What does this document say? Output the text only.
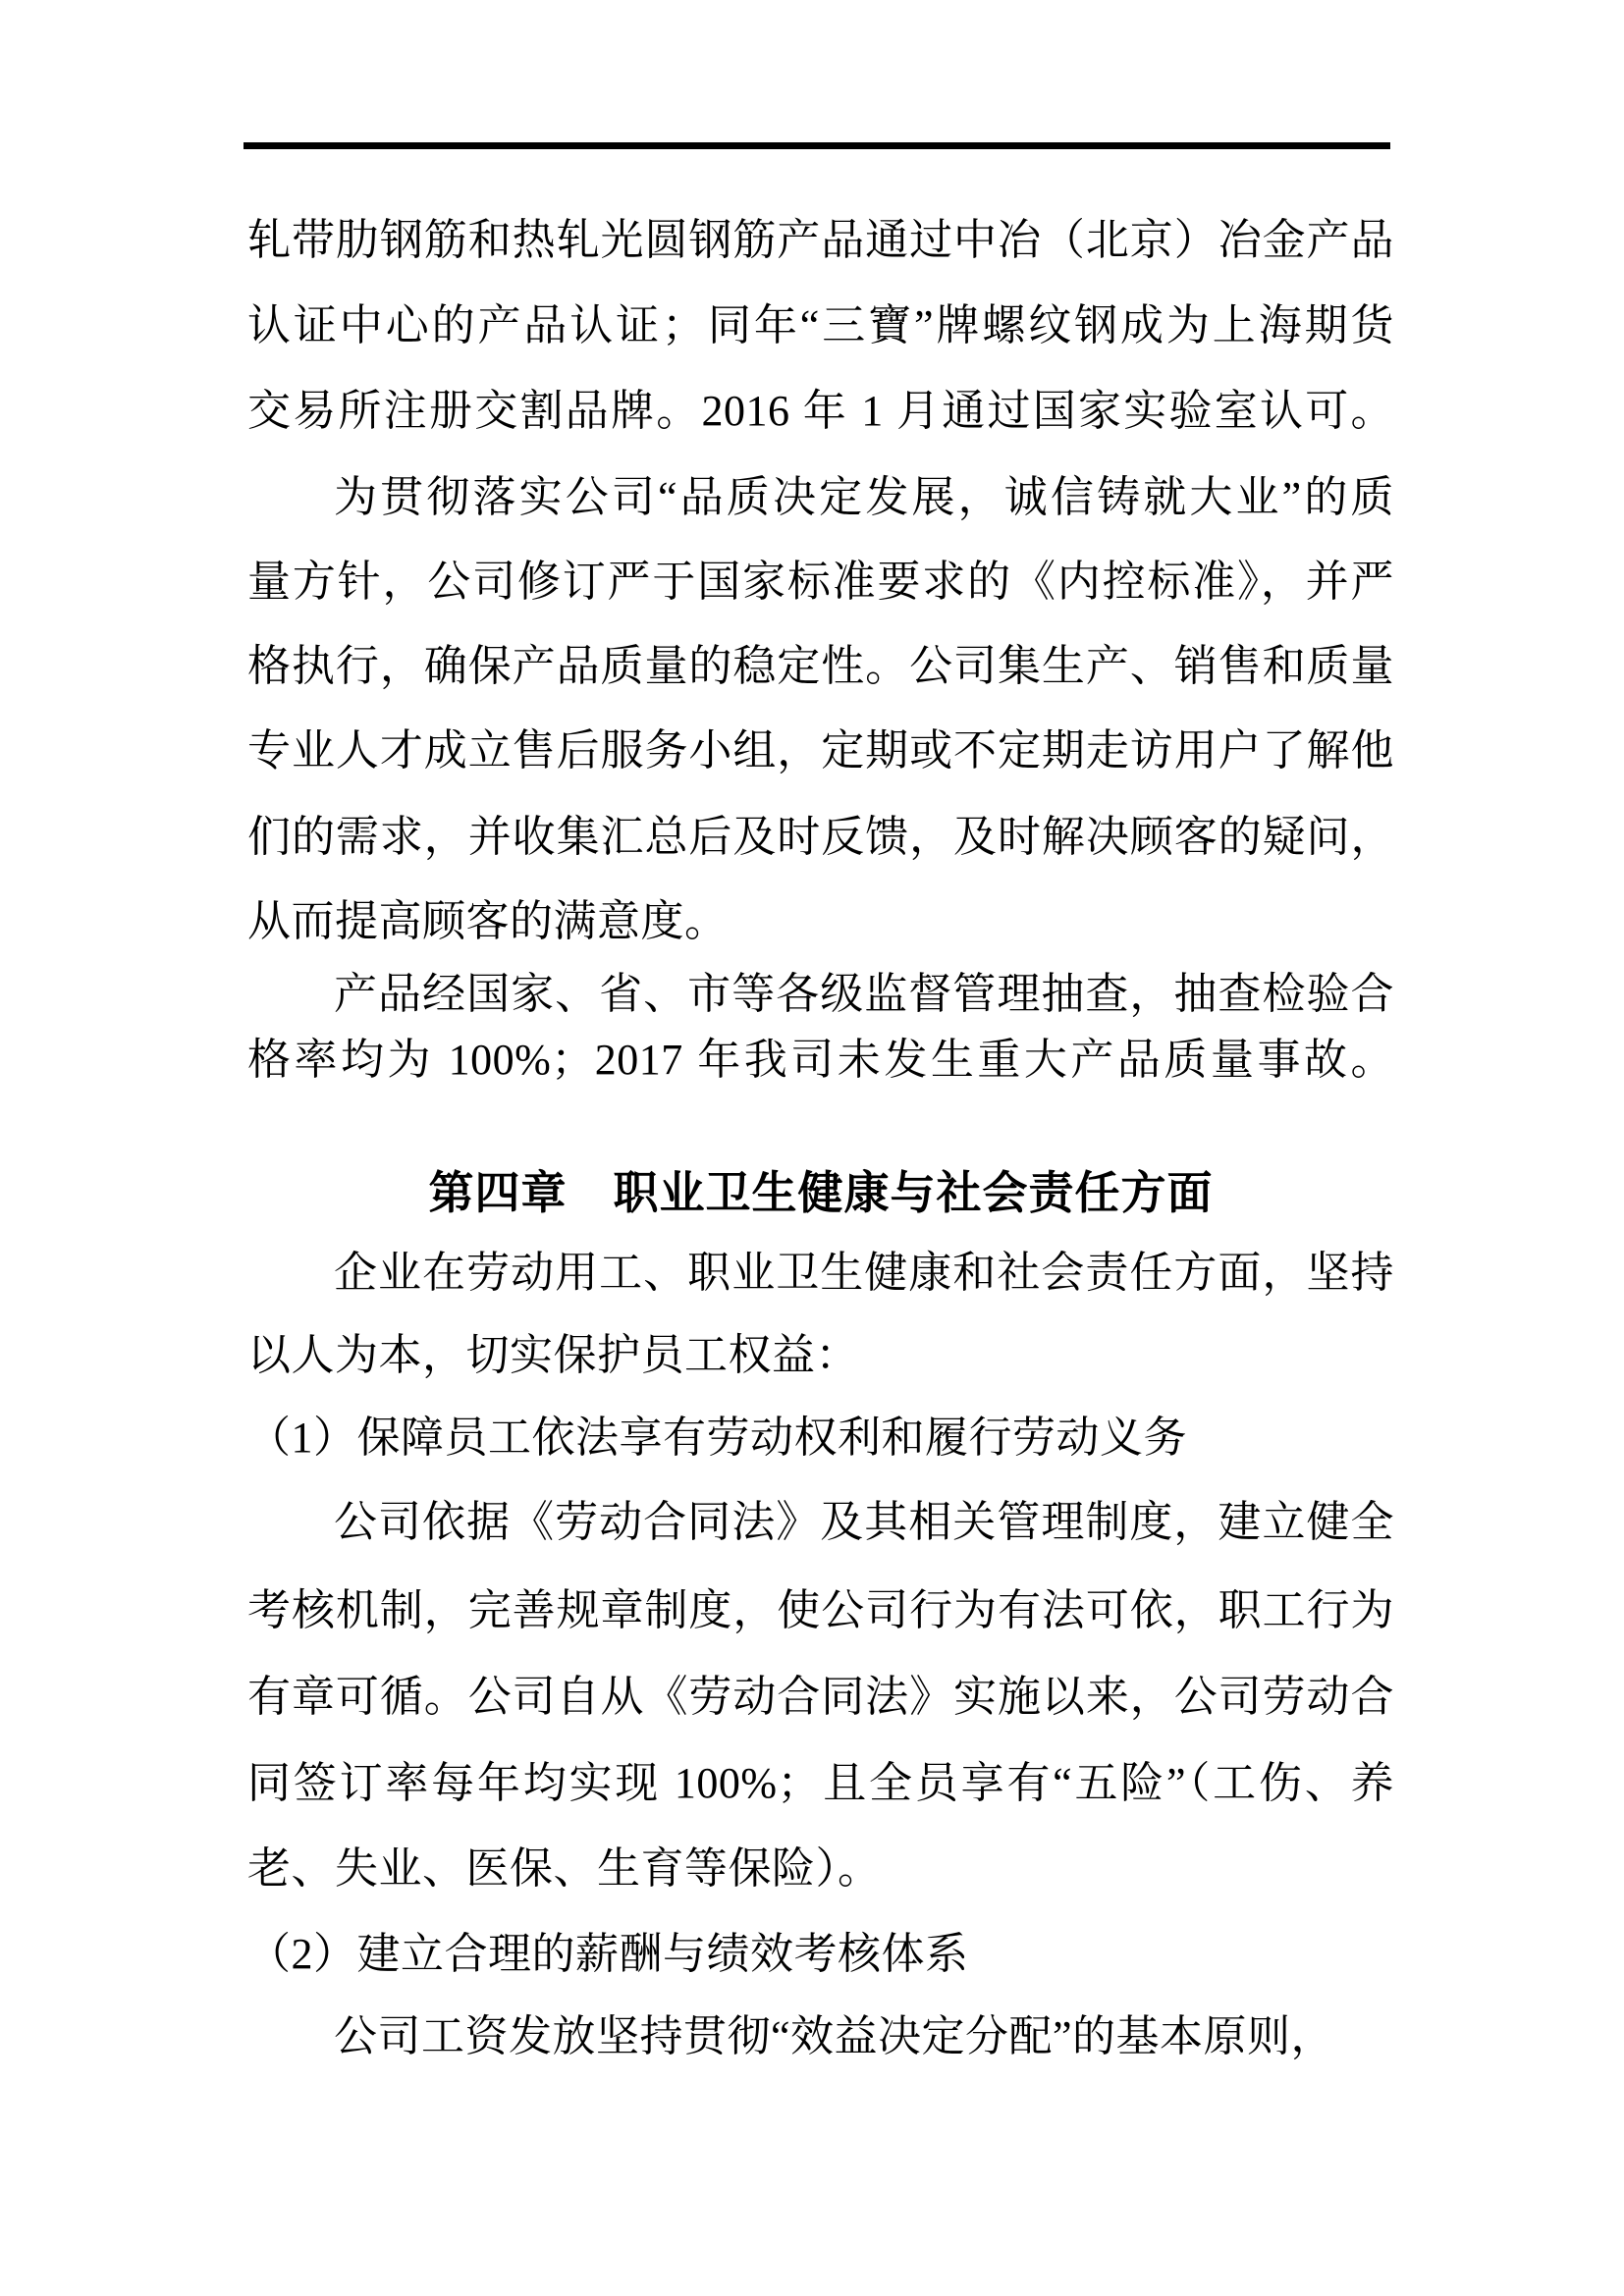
轧带肋钢筋和热轧光圆钢筋产品通过中冶（北京）冶金产品
认证中心的产品认证；同年“三寶”牌螺纹钢成为上海期货
交易所注册交割品牌。2016 年 1 月通过国家实验室认可。
为贯彻落实公司“品质决定发展，诚信铸就大业”的质
量方针，公司修订严于国家标准要求的《内控标准》，并严
格执行，确保产品质量的稳定性。公司集生产、销售和质量
专业人才成立售后服务小组，定期或不定期走访用户了解他
们的需求，并收集汇总后及时反馈，及时解决顾客的疑问，
从而提高顾客的满意度。
产品经国家、省、市等各级监督管理抽查，抽查检验合
格率均为 100%；2017 年我司未发生重大产品质量事故。
第四章　职业卫生健康与社会责任方面
企业在劳动用工、职业卫生健康和社会责任方面，坚持
以人为本，切实保护员工权益：
（1）保障员工依法享有劳动权利和履行劳动义务
公司依据《劳动合同法》及其相关管理制度，建立健全
考核机制，完善规章制度，使公司行为有法可依，职工行为
有章可循。公司自从《劳动合同法》实施以来，公司劳动合
同签订率每年均实现 100%；且全员享有“五险”（工伤、养
老、失业、医保、生育等保险）。
（2）建立合理的薪酬与绩效考核体系
公司工资发放坚持贯彻“效益决定分配”的基本原则，
